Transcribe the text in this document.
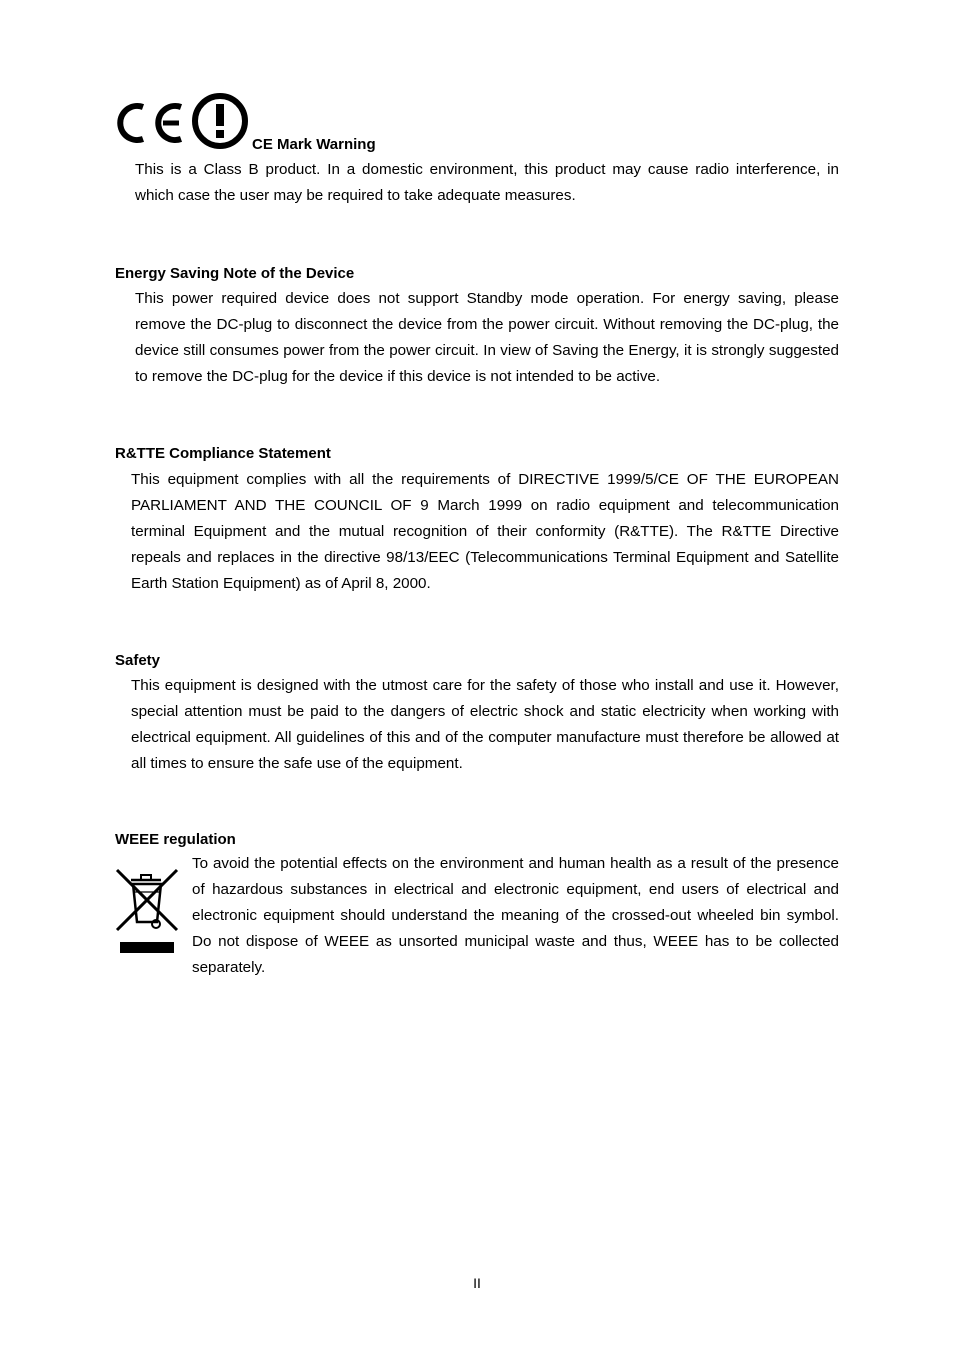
CE Mark Warning

This is a Class B product. In a domestic environment, this product may cause radio interference, in which case the user may be required to take adequate measures.

Energy Saving Note of the Device

This power required device does not support Standby mode operation. For energy saving, please remove the DC-plug to disconnect the device from the power circuit. Without removing the DC-plug, the device still consumes power from the power circuit. In view of Saving the Energy, it is strongly suggested to remove the DC-plug for the device if this device is not intended to be active.

R&TTE Compliance Statement

This equipment complies with all the requirements of DIRECTIVE 1999/5/CE OF THE EUROPEAN PARLIAMENT AND THE COUNCIL OF 9 March 1999 on radio equipment and telecommunication terminal Equipment and the mutual recognition of their conformity (R&TTE). The R&TTE Directive repeals and replaces in the directive 98/13/EEC (Telecommunications Terminal Equipment and Satellite Earth Station Equipment) as of April 8, 2000.

Safety

This equipment is designed with the utmost care for the safety of those who install and use it. However, special attention must be paid to the dangers of electric shock and static electricity when working with electrical equipment. All guidelines of this and of the computer manufacture must therefore be allowed at all times to ensure the safe use of the equipment.

WEEE regulation

To avoid the potential effects on the environment and human health as a result of the presence of hazardous substances in electrical and electronic equipment, end users of electrical and electronic equipment should understand the meaning of the crossed-out wheeled bin symbol. Do not dispose of WEEE as unsorted municipal waste and thus, WEEE has to be collected separately.

II
